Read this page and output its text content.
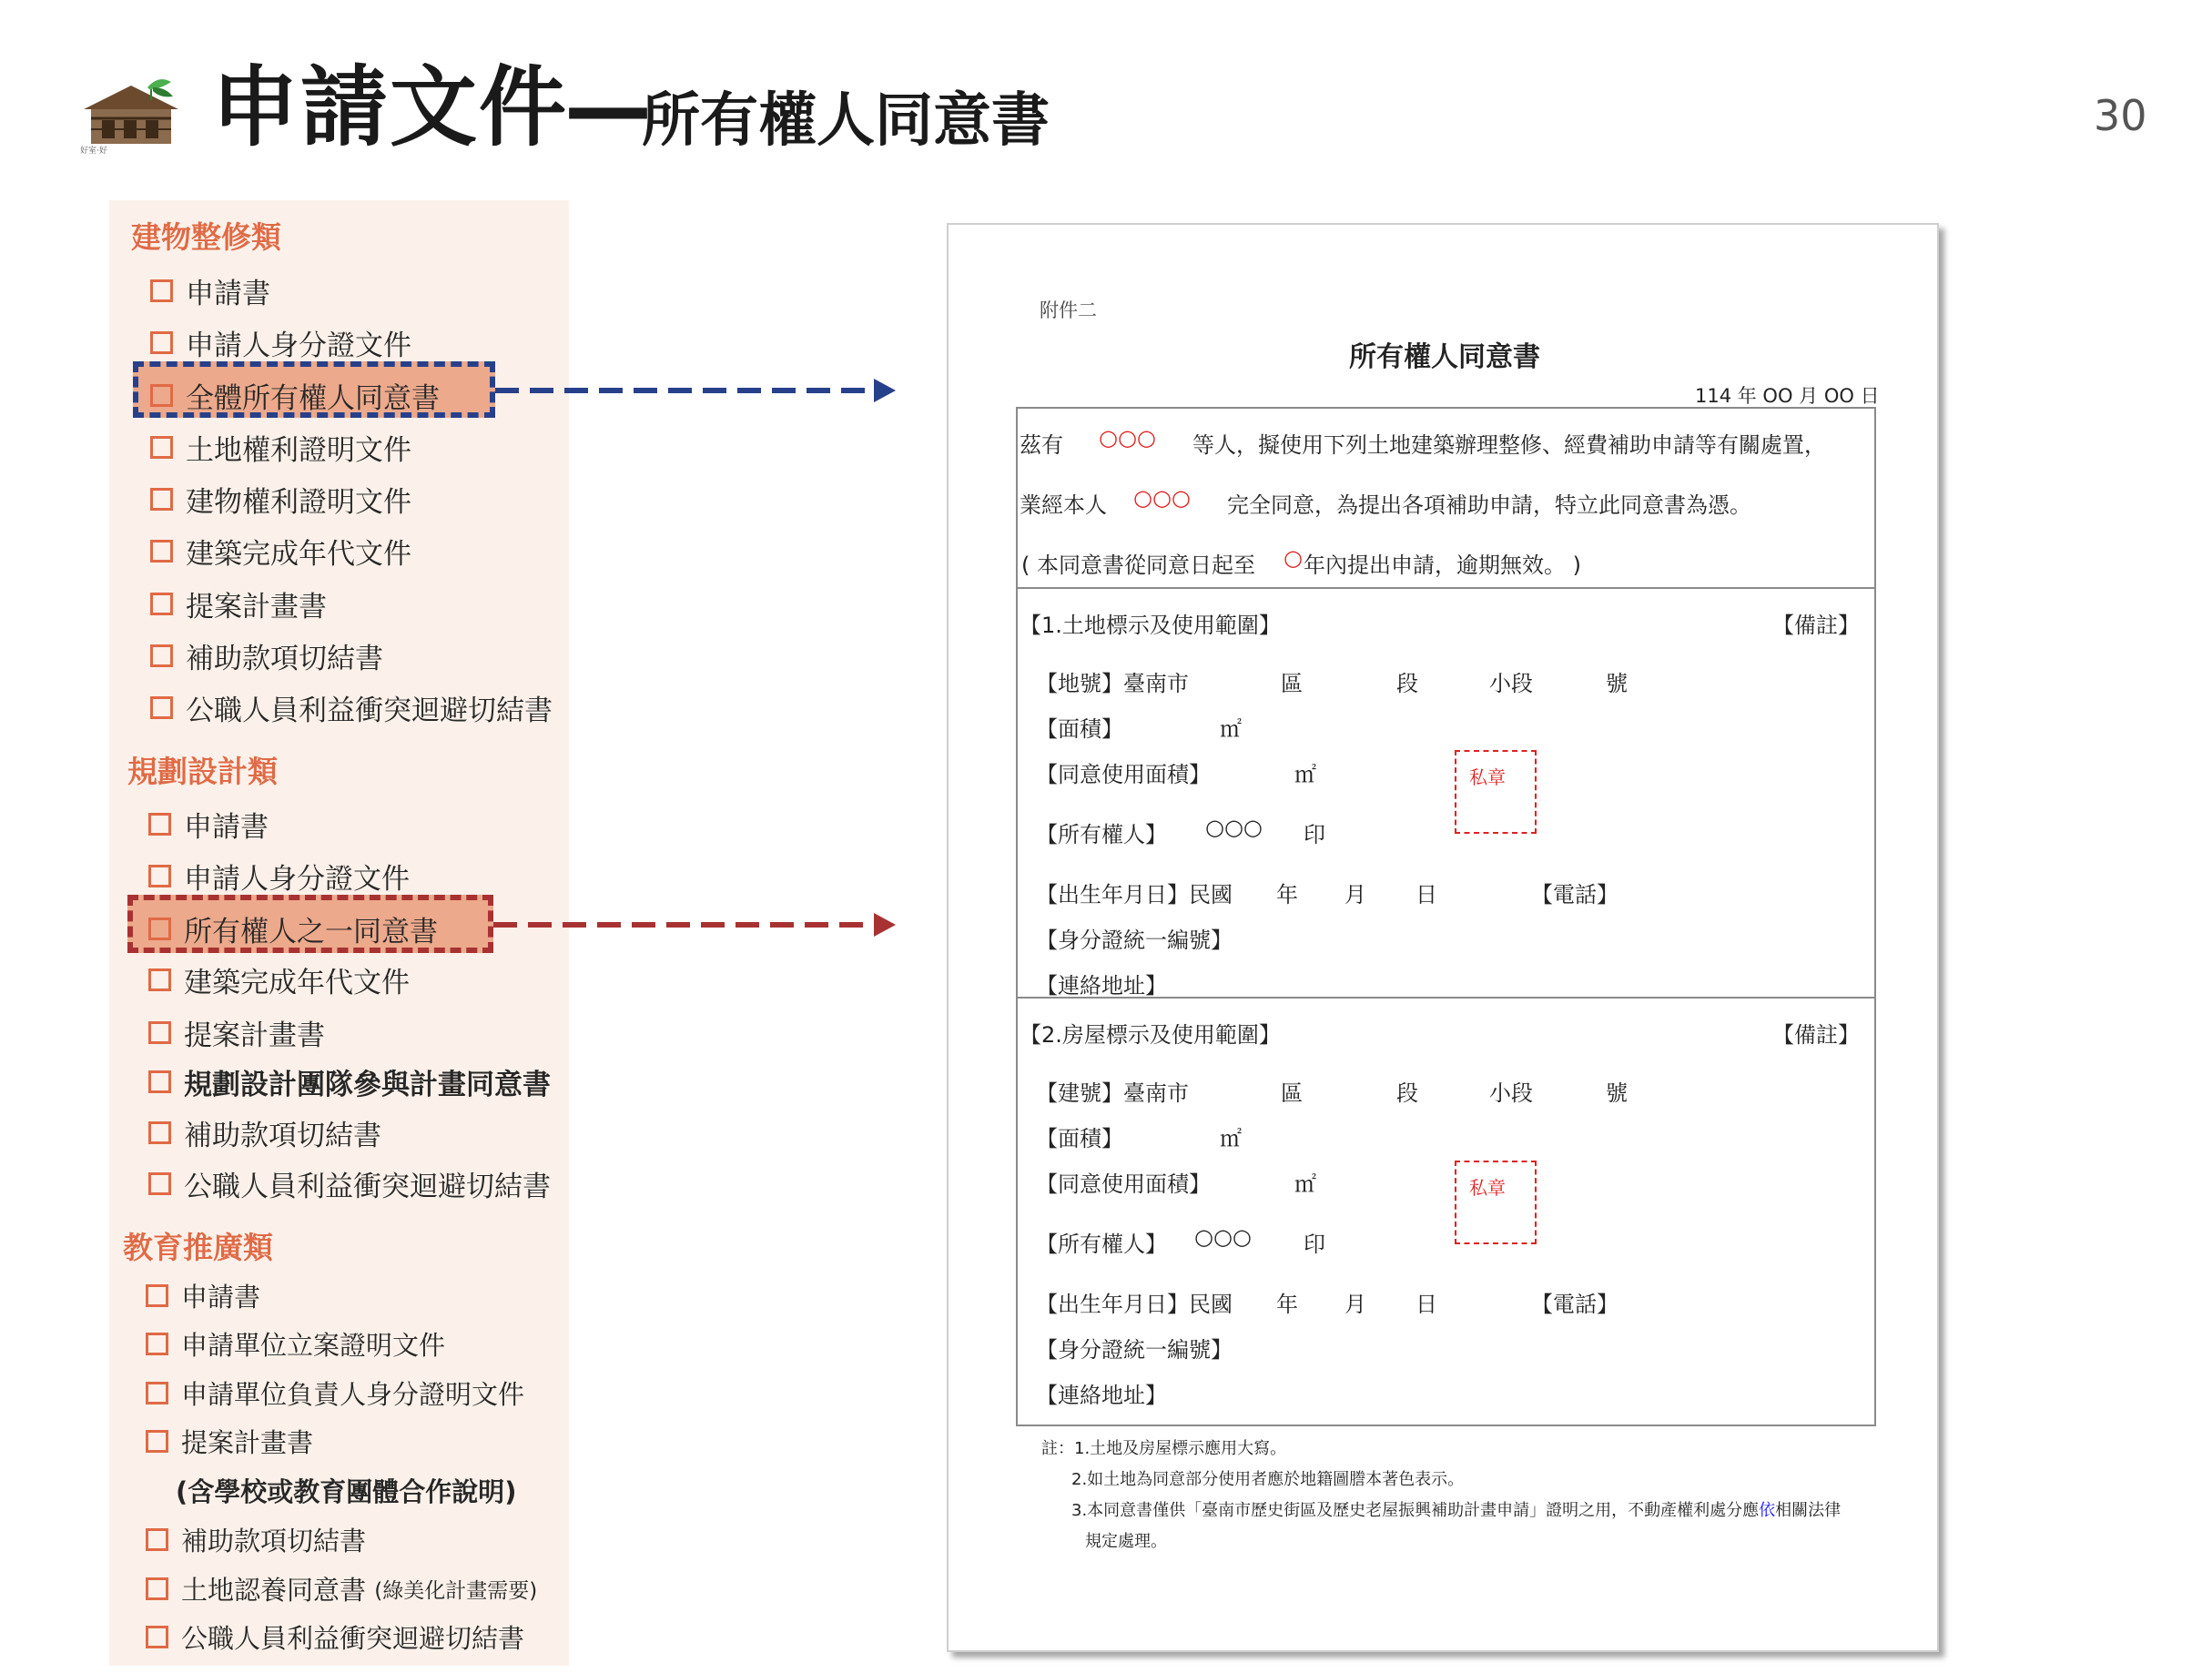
好室·好 申請文件
—
所有權人同意書	30
建物整修類
申請書
申請人身分證文件
全體所有權人同意書
土地權利證明文件
建物權利證明文件
建築完成年代文件
提案計畫書
補助款項切結書
公職人員利益衝突迴避切結書
規劃設計類
申請書
申請人身分證文件
所有權人之一同意書
建築完成年代文件
提案計畫書
規劃設計團隊參與計畫同意書
補助款項切結書
公職人員利益衝突迴避切結書
教育推廣類
申請書
申請單位立案證明文件
申請單位負責人身分證明文件
提案計畫書
(含學校或教育團體合作說明)
補助款項切結書
土地認養同意書
(綠美化計畫需要)
公職人員利益衝突迴避切結書
附件二
所有權人同意書
114 年 OO 月 OO 日
茲有 ○○○ 等人，擬使用下列土地建築辦理整修、經費補助申請等有關處置，
業經本人 ○○○ 完全同意，為提出各項補助申請，特立此同意書為憑。
( 本同意書從同意日起至 ○ 年內提出申請，逾期無效。 )
【1.土地標示及使用範圍】	【備註】
【地號】臺南市	區	段	小段	號
【面積】	㎡
【同意使用面積】	㎡	私章
【所有權人】 ○○○ 印
【出生年月日】民國 年 月 日	【電話】
【身分證統一編號】
【連絡地址】
【2.房屋標示及使用範圍】	【備註】
【建號】臺南市	區	段	小段	號
【面積】	㎡
【同意使用面積】	㎡	私章
【所有權人】 ○○○ 印
【出生年月日】民國 年 月 日	【電話】
【身分證統一編號】
【連絡地址】
註：1.土地及房屋標示應用大寫。
2.如土地為同意部分使用者應於地籍圖謄本著色表示。
3.本同意書僅供「臺南市歷史街區及歷史老屋振興補助計畫申請」證明之用，不動產權利處分應依相關法律
規定處理。
